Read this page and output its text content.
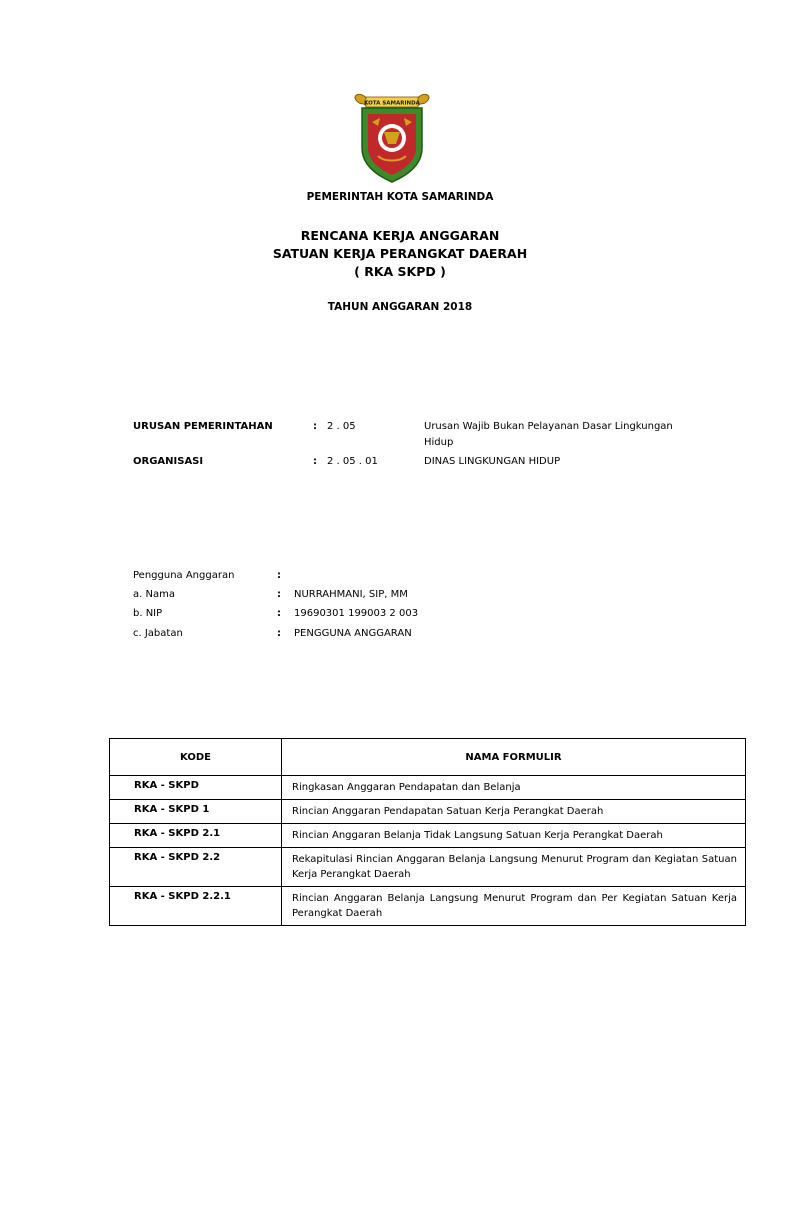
KOTA SAMARINDA
PEMERINTAH KOTA SAMARINDA
RENCANA KERJA ANGGARAN
SATUAN KERJA PERANGKAT DAERAH
( RKA SKPD )
TAHUN ANGGARAN 2018
URUSAN PEMERINTAHAN	: 2 . 05	Urusan Wajib Bukan Pelayanan Dasar Lingkungan
Hidup
ORGANISASI	: 2 . 05 . 01	DINAS LINGKUNGAN HIDUP
Pengguna Anggaran	:
a. Nama	: NURRAHMANI, SIP, MM
b. NIP	: 19690301 199003 2 003
c. Jabatan	: PENGGUNA ANGGARAN
KODE	NAMA FORMULIR
RKA - SKPD	Ringkasan Anggaran Pendapatan dan Belanja
RKA - SKPD 1	Rincian Anggaran Pendapatan Satuan Kerja Perangkat Daerah
RKA - SKPD 2.1	Rincian Anggaran Belanja Tidak Langsung Satuan Kerja Perangkat Daerah
RKA - SKPD 2.2	Rekapitulasi Rincian Anggaran Belanja Langsung Menurut Program dan Kegiatan Satuan Kerja Perangkat Daerah
RKA - SKPD 2.2.1	Rincian Anggaran Belanja Langsung Menurut Program dan Per Kegiatan Satuan Kerja Perangkat Daerah
